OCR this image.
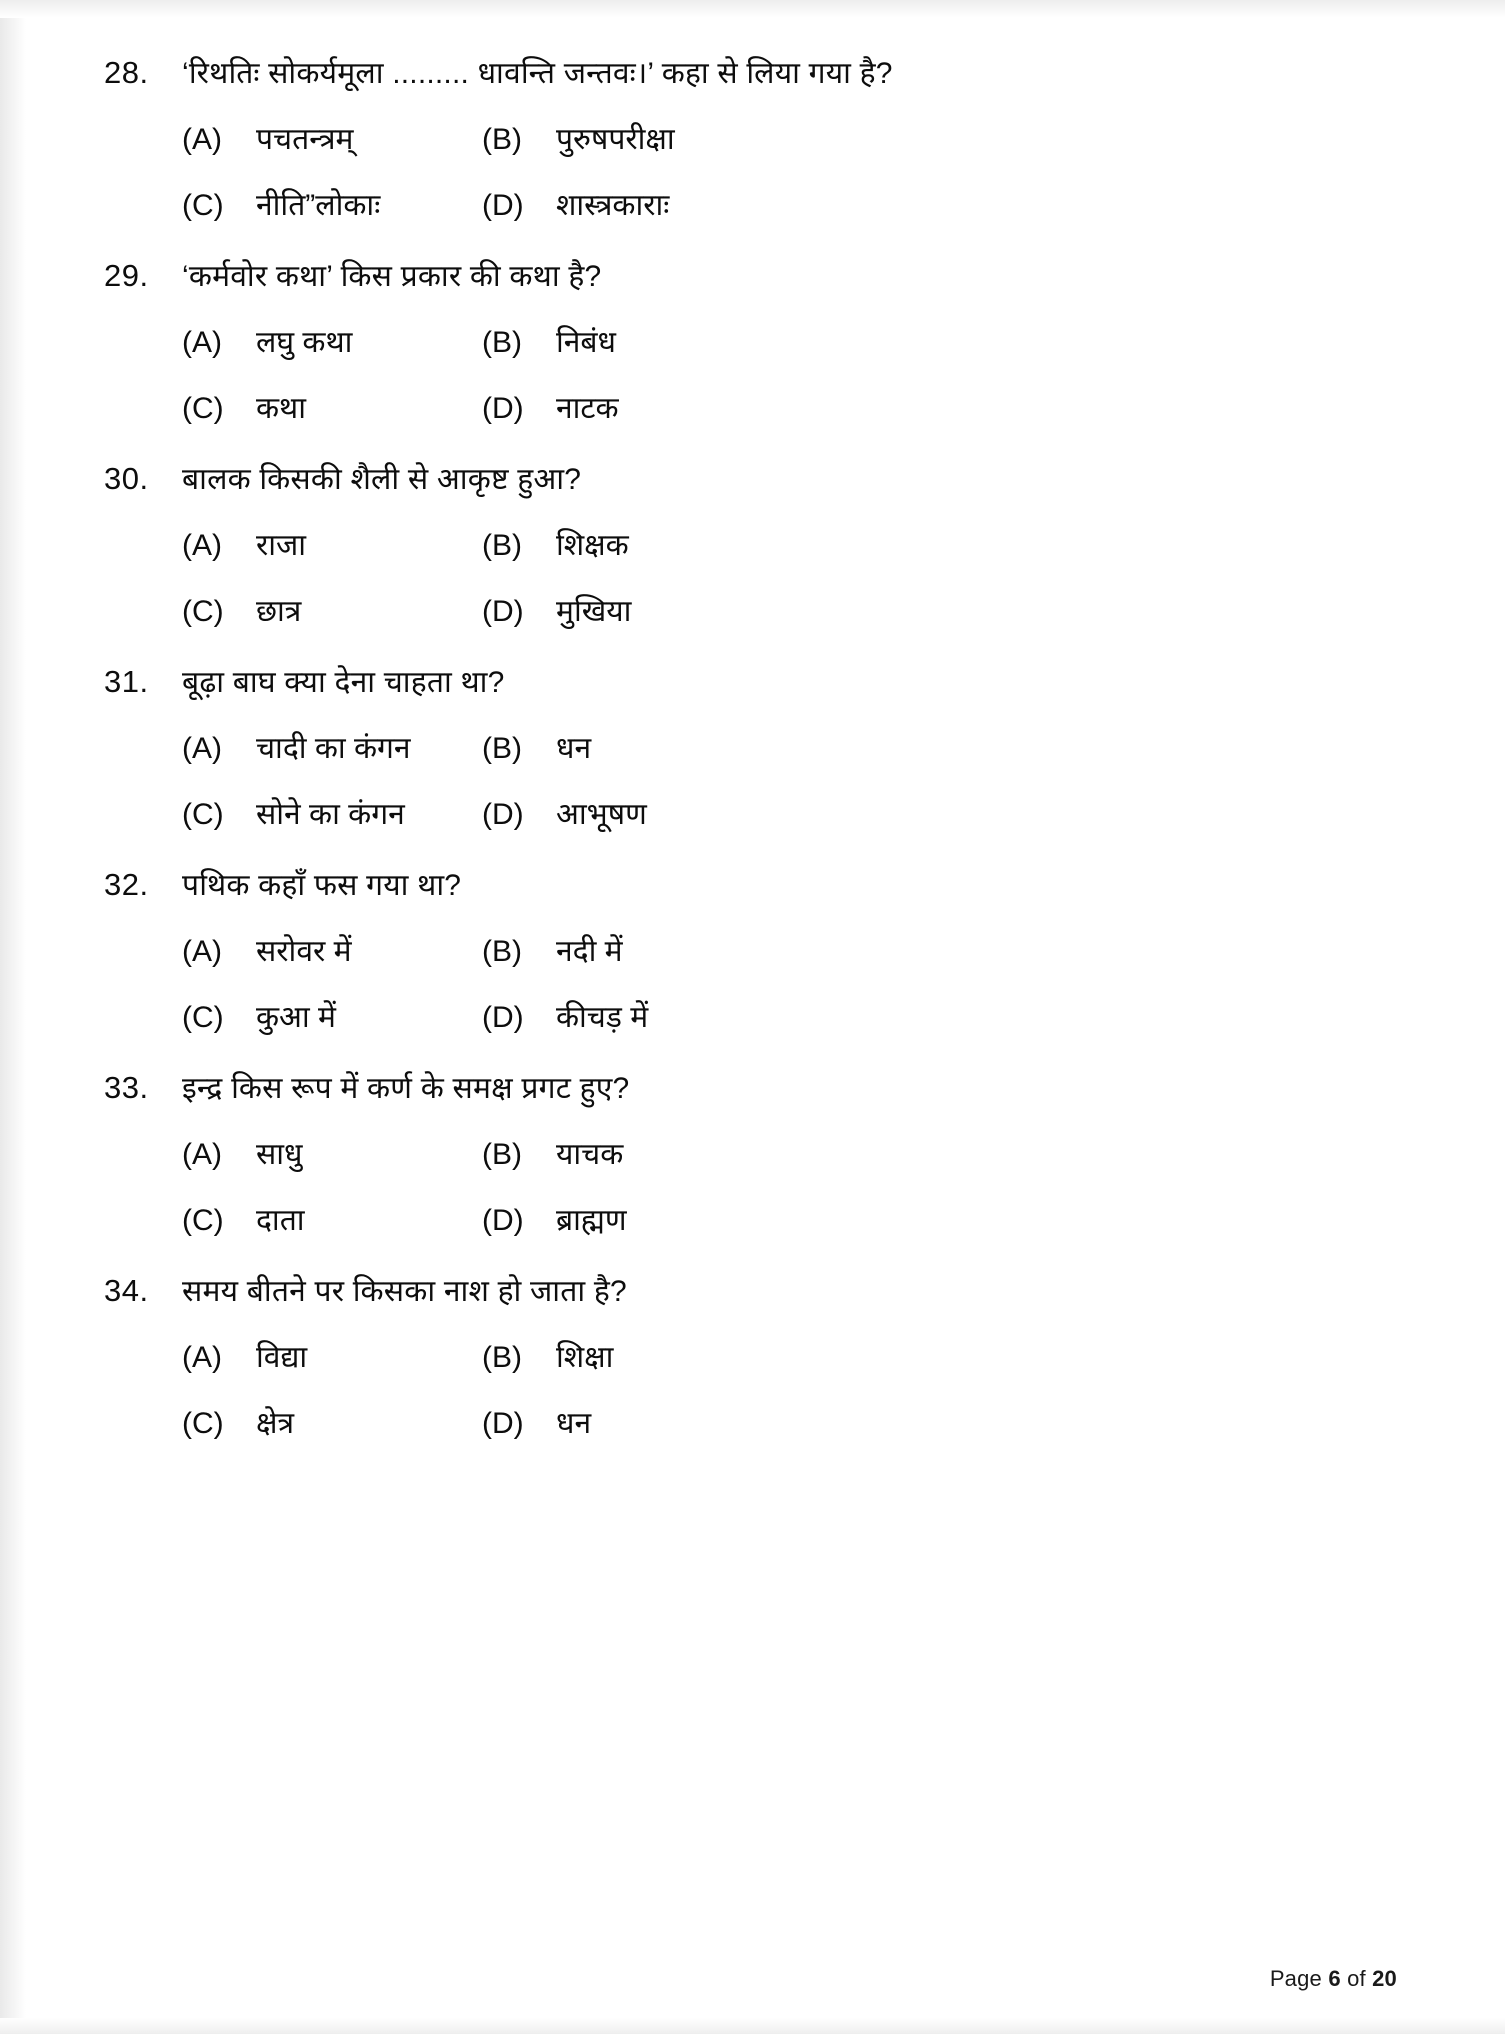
28.	‘रिथतिः सोकर्यमूला ......... धावन्ति जन्तवः।’ कहा से लिया गया है?
(A)	पचतन्त्रम्	(B)	पुरुषपरीक्षा
(C)	नीति”लोकाः	(D)	शास्त्रकाराः
29.	‘कर्मवोर कथा’ किस प्रकार की कथा है?
(A)	लघु कथा	(B)	निबंध
(C)	कथा	(D)	नाटक
30.	बालक किसकी शैली से आकृष्ट हुआ?
(A)	राजा	(B)	शिक्षक
(C)	छात्र	(D)	मुखिया
31.	बूढ़ा बाघ क्या देना चाहता था?
(A)	चादी का कंगन (B)	धन
(C)	सोने का कंगन	(D)	आभूषण
32.	पथिक कहाँ फस गया था?
(A)	सरोवर में	(B)	नदी में
(C)	कुआ में	(D)	कीचड़ में
33.	इन्द्र किस रूप में कर्ण के समक्ष प्रगट हुए?
(A)	साधु	(B)	याचक
(C)	दाता	(D)	ब्राह्मण
34.	समय बीतने पर किसका नाश हो जाता है?
(A)	विद्या	(B)	शिक्षा
(C)	क्षेत्र	(D)	धन
Page 6 of 20
